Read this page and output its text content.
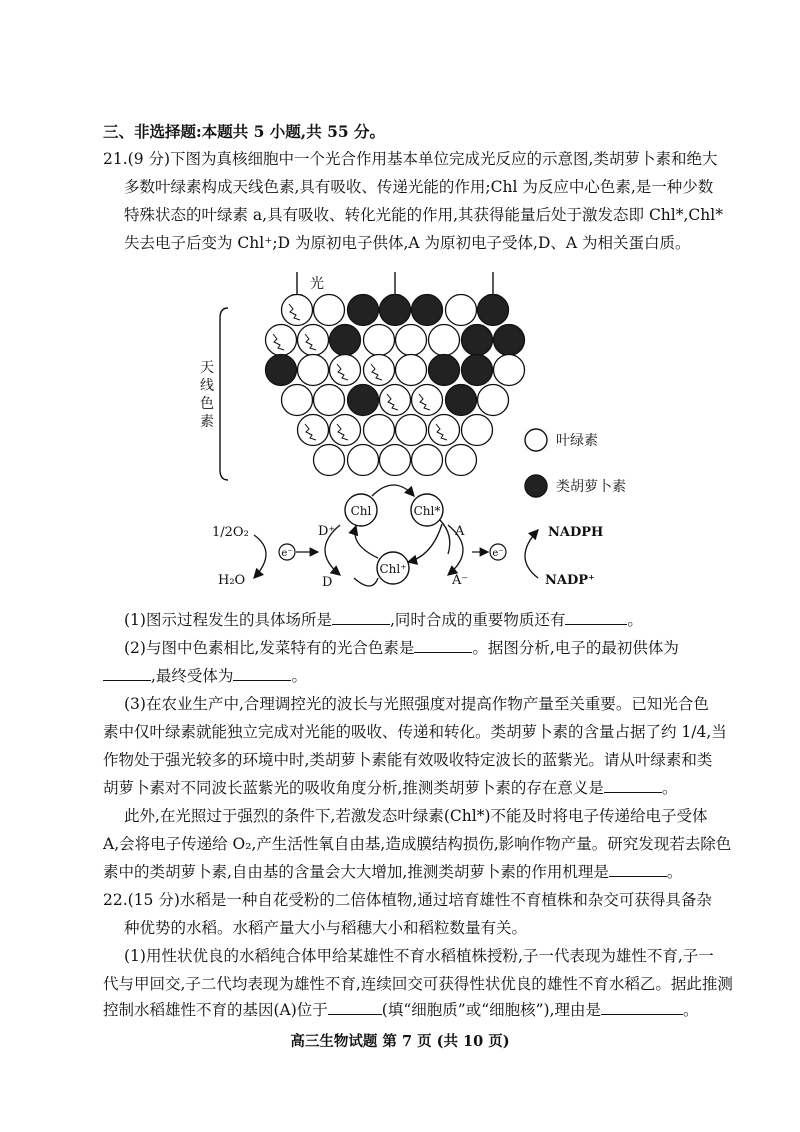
三、非选择题:本题共 5 小题,共 55 分。
21.(9 分)下图为真核细胞中一个光合作用基本单位完成光反应的示意图,类胡萝卜素和绝大
多数叶绿素构成天线色素,具有吸收、传递光能的作用;Chl 为反应中心色素,是一种少数
特殊状态的叶绿素 a,具有吸收、转化光能的作用,其获得能量后处于激发态即 Chl*,Chl*
失去电子后变为 Chl⁺;D 为原初电子供体,A 为原初电子受体,D、A 为相关蛋白质。
光
天
线
色
素
叶绿素
类胡萝卜素
Chl	Chl*
Chl⁺
D⁺
D
A
A⁻
e⁻
1/2O₂
H₂O
e⁻
NADPH
NADP⁺
(1)图示过程发生的具体场所是	,同时合成的重要物质还有	。
(2)与图中色素相比,发菜特有的光合色素是	。据图分析,电子的最初供体为
,最终受体为	。
(3)在农业生产中,合理调控光的波长与光照强度对提高作物产量至关重要。已知光合色
素中仅叶绿素就能独立完成对光能的吸收、传递和转化。类胡萝卜素的含量占据了约 1/4,当
作物处于强光较多的环境中时,类胡萝卜素能有效吸收特定波长的蓝紫光。请从叶绿素和类
胡萝卜素对不同波长蓝紫光的吸收角度分析,推测类胡萝卜素的存在意义是	。
此外,在光照过于强烈的条件下,若激发态叶绿素(Chl*)不能及时将电子传递给电子受体
A,会将电子传递给 O₂,产生活性氧自由基,造成膜结构损伤,影响作物产量。研究发现若去除色
素中的类胡萝卜素,自由基的含量会大大增加,推测类胡萝卜素的作用机理是	。
22.(15 分)水稻是一种自花受粉的二倍体植物,通过培育雄性不育植株和杂交可获得具备杂
种优势的水稻。水稻产量大小与稻穗大小和稻粒数量有关。
(1)用性状优良的水稻纯合体甲给某雄性不育水稻植株授粉,子一代表现为雄性不育,子一
代与甲回交,子二代均表现为雄性不育,连续回交可获得性状优良的雄性不育水稻乙。据此推测
控制水稻雄性不育的基因(A)位于	(填“细胞质”或“细胞核”),理由是	。
高三生物试题 第 7 页 (共 10 页)
